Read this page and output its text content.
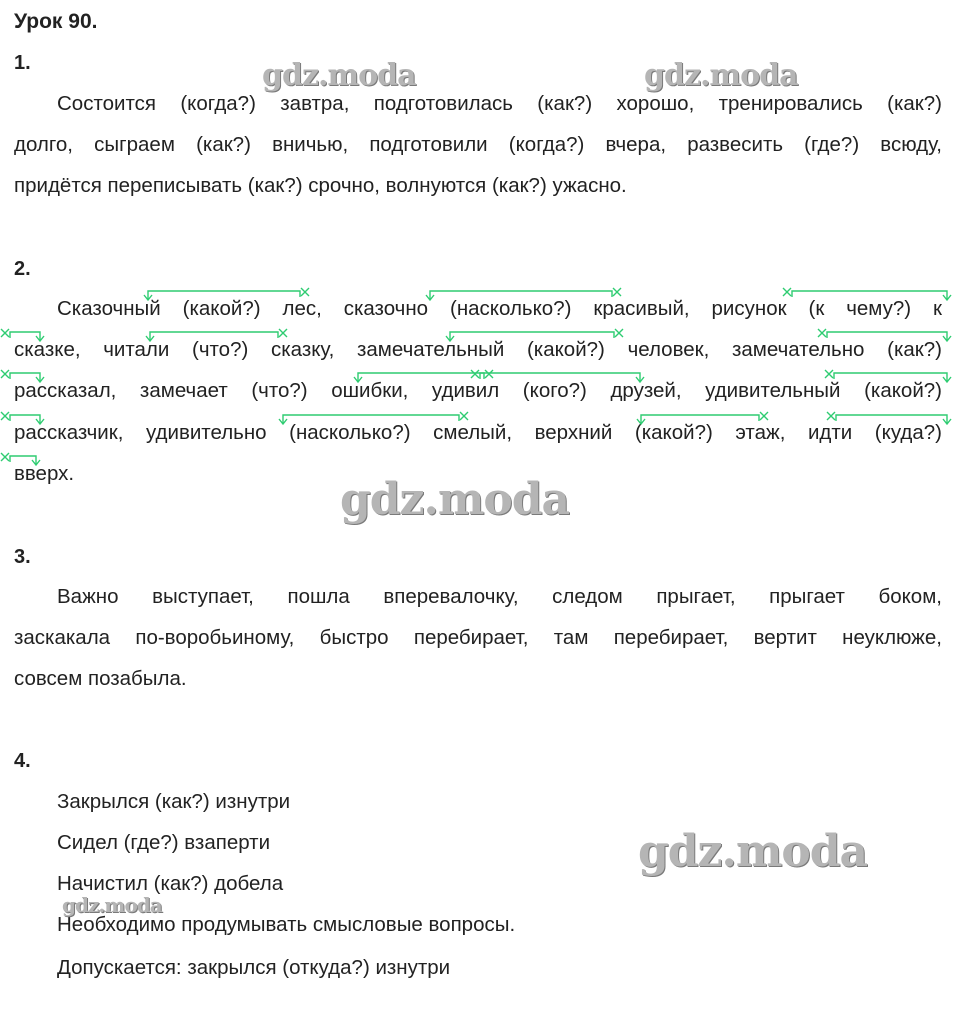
Урок 90.
1.
Состоится (когда?) завтра, подготовилась (как?) хорошо, тренировались (как?)
долго, сыграем (как?) вничью, подготовили (когда?) вчера, развесить (где?) всюду,
придётся переписывать (как?) срочно, волнуются (как?) ужасно.
2.
Сказочный (какой?) лес, сказочно (насколько?) красивый, рисунок (к чему?) к
сказке, читали (что?) сказку, замечательный (какой?) человек, замечательно (как?)
рассказал, замечает (что?) ошибки, удивил (кого?) друзей, удивительный (какой?)
рассказчик, удивительно (насколько?) смелый, верхний (какой?) этаж, идти (куда?)
вверх.
3.
Важно выступает, пошла вперевалочку, следом прыгает, прыгает боком,
заскакала по-воробьиному, быстро перебирает, там перебирает, вертит неуклюже,
совсем позабыла.
4.
Закрылся (как?) изнутри
Сидел (где?) взаперти
Начистил (как?) добела
Необходимо продумывать смысловые вопросы.
Допускается: закрылся (откуда?) изнутри
gdz.moda	gdz.moda
gdz.moda
gdz.moda
gdz.moda
